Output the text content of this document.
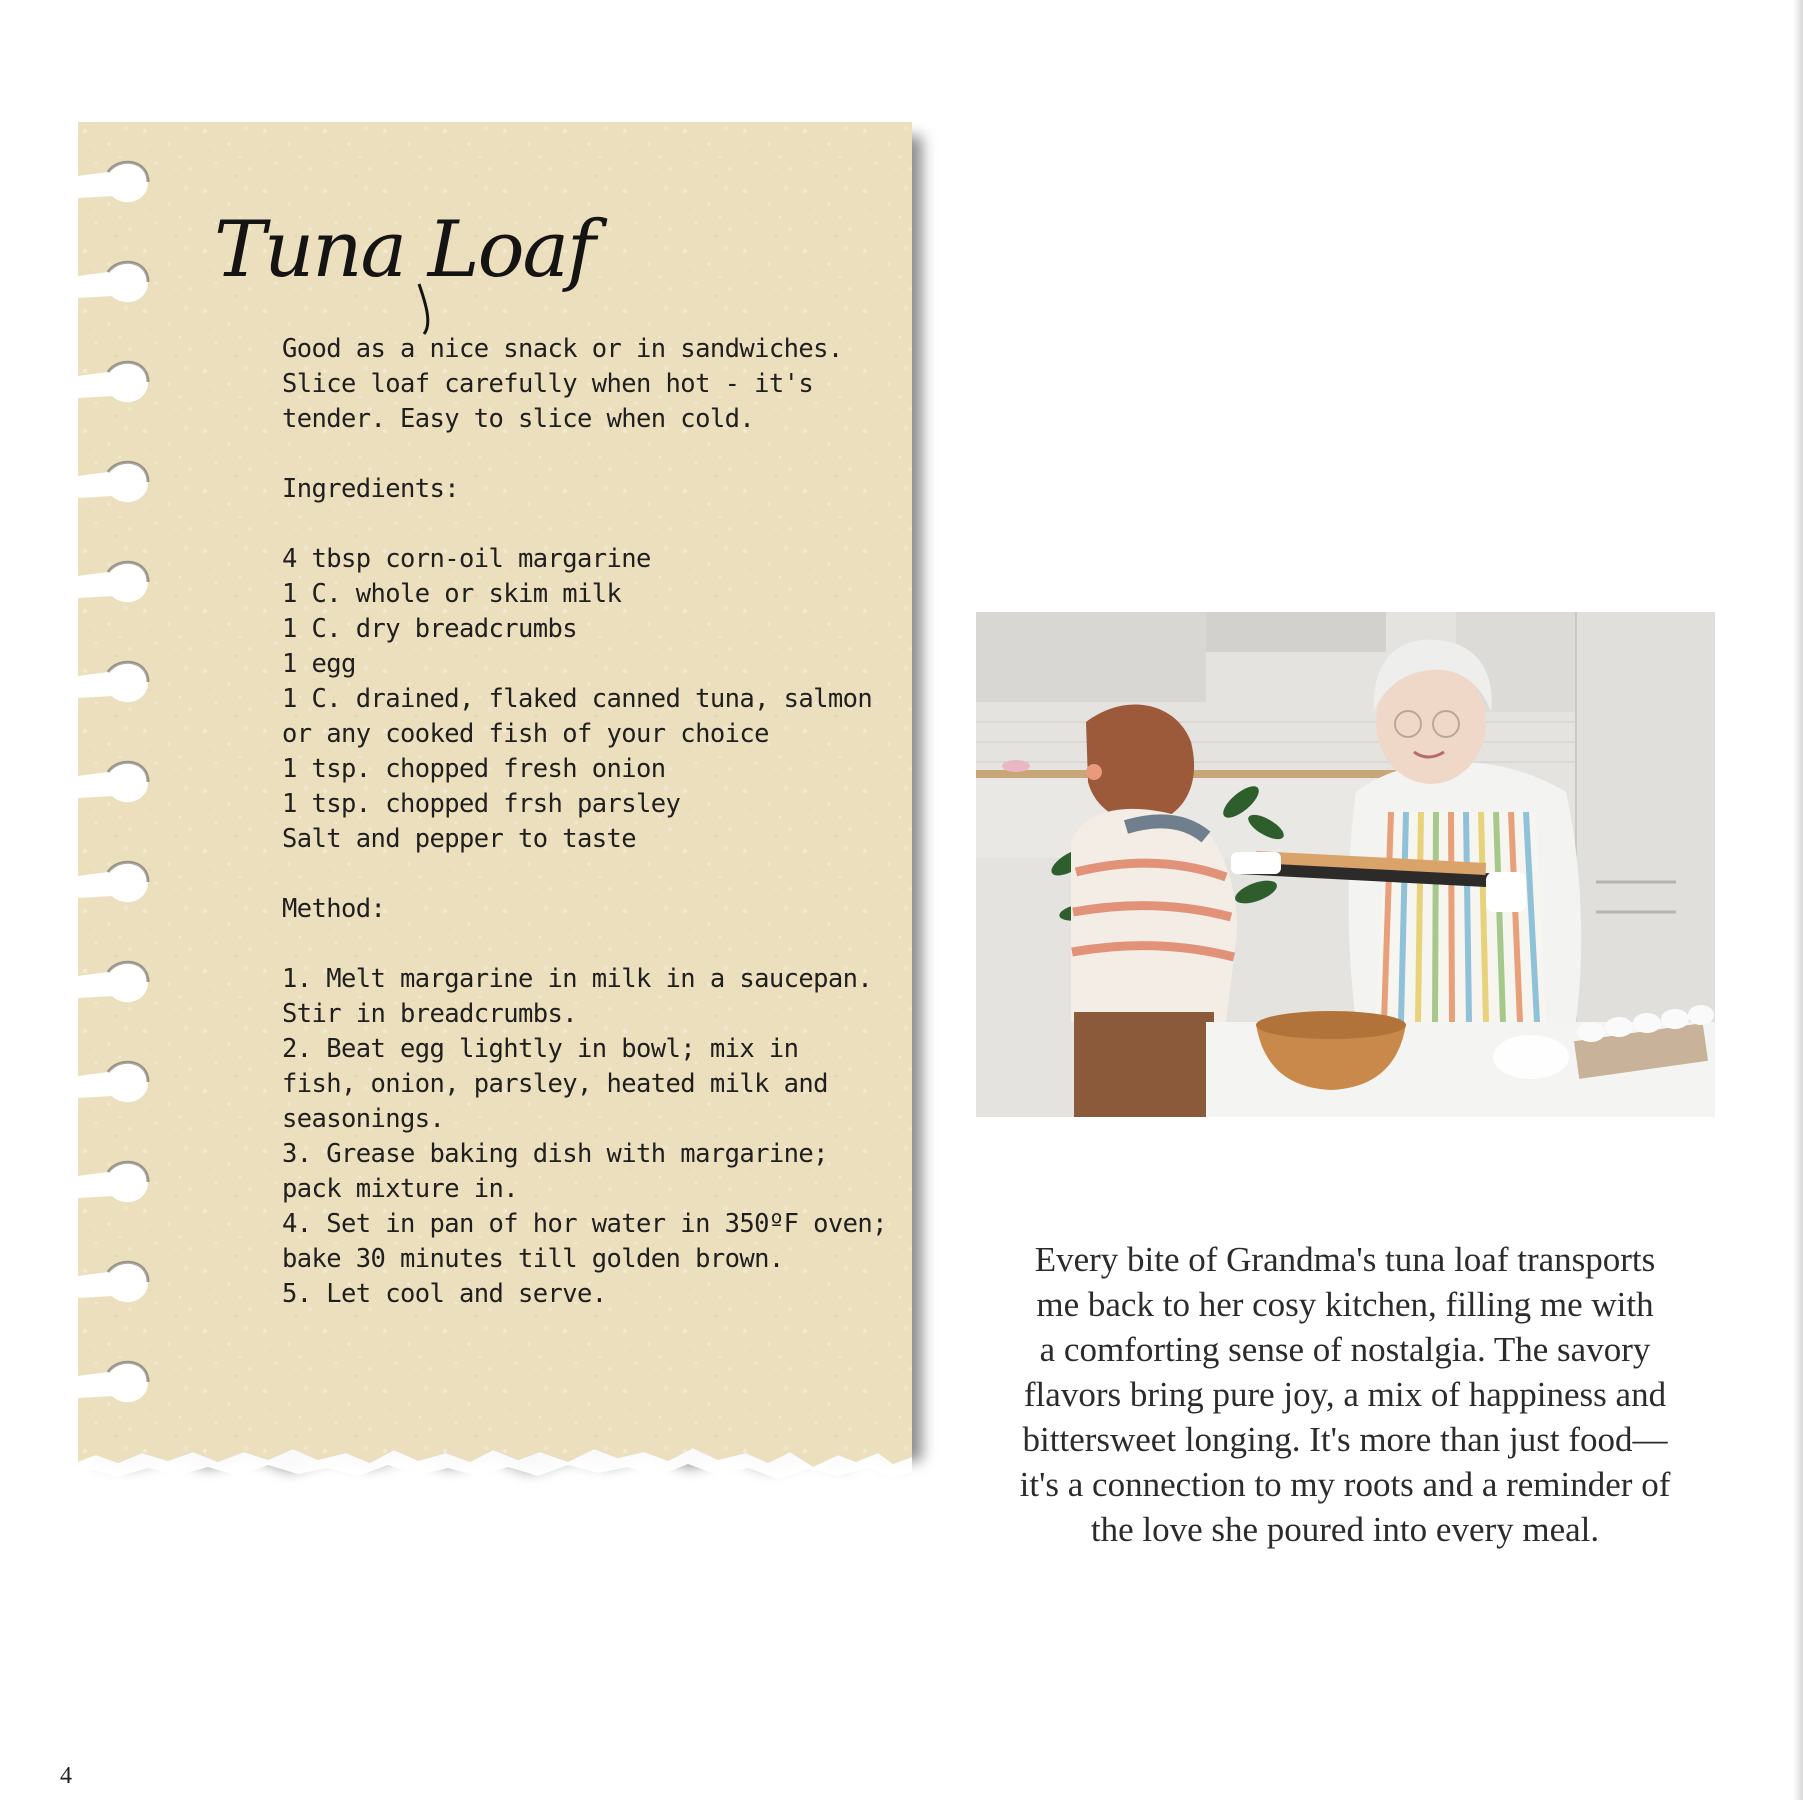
Tuna Loaf
Good as a nice snack or in sandwiches.
Slice loaf carefully when hot - it's
tender. Easy to slice when cold.
Ingredients:
4 tbsp corn-oil margarine
1 C. whole or skim milk
1 C. dry breadcrumbs
1 egg
1 C. drained, flaked canned tuna, salmon
or any cooked fish of your choice
1 tsp. chopped fresh onion
1 tsp. chopped frsh parsley
Salt and pepper to taste
Method:
1. Melt margarine in milk in a saucepan.
Stir in breadcrumbs.
2. Beat egg lightly in bowl; mix in
fish, onion, parsley, heated milk and
seasonings.
3. Grease baking dish with margarine;
pack mixture in.
4. Set in pan of hor water in 350ºF oven;
bake 30 minutes till golden brown.
5. Let cool and serve.

Every bite of Grandma's tuna loaf transports

me back to her cosy kitchen, filling me with

a comforting sense of nostalgia. The savory

flavors bring pure joy, a mix of happiness and

bittersweet longing. It's more than just food—

it's a connection to my roots and a reminder of

the love she poured into every meal.

4
